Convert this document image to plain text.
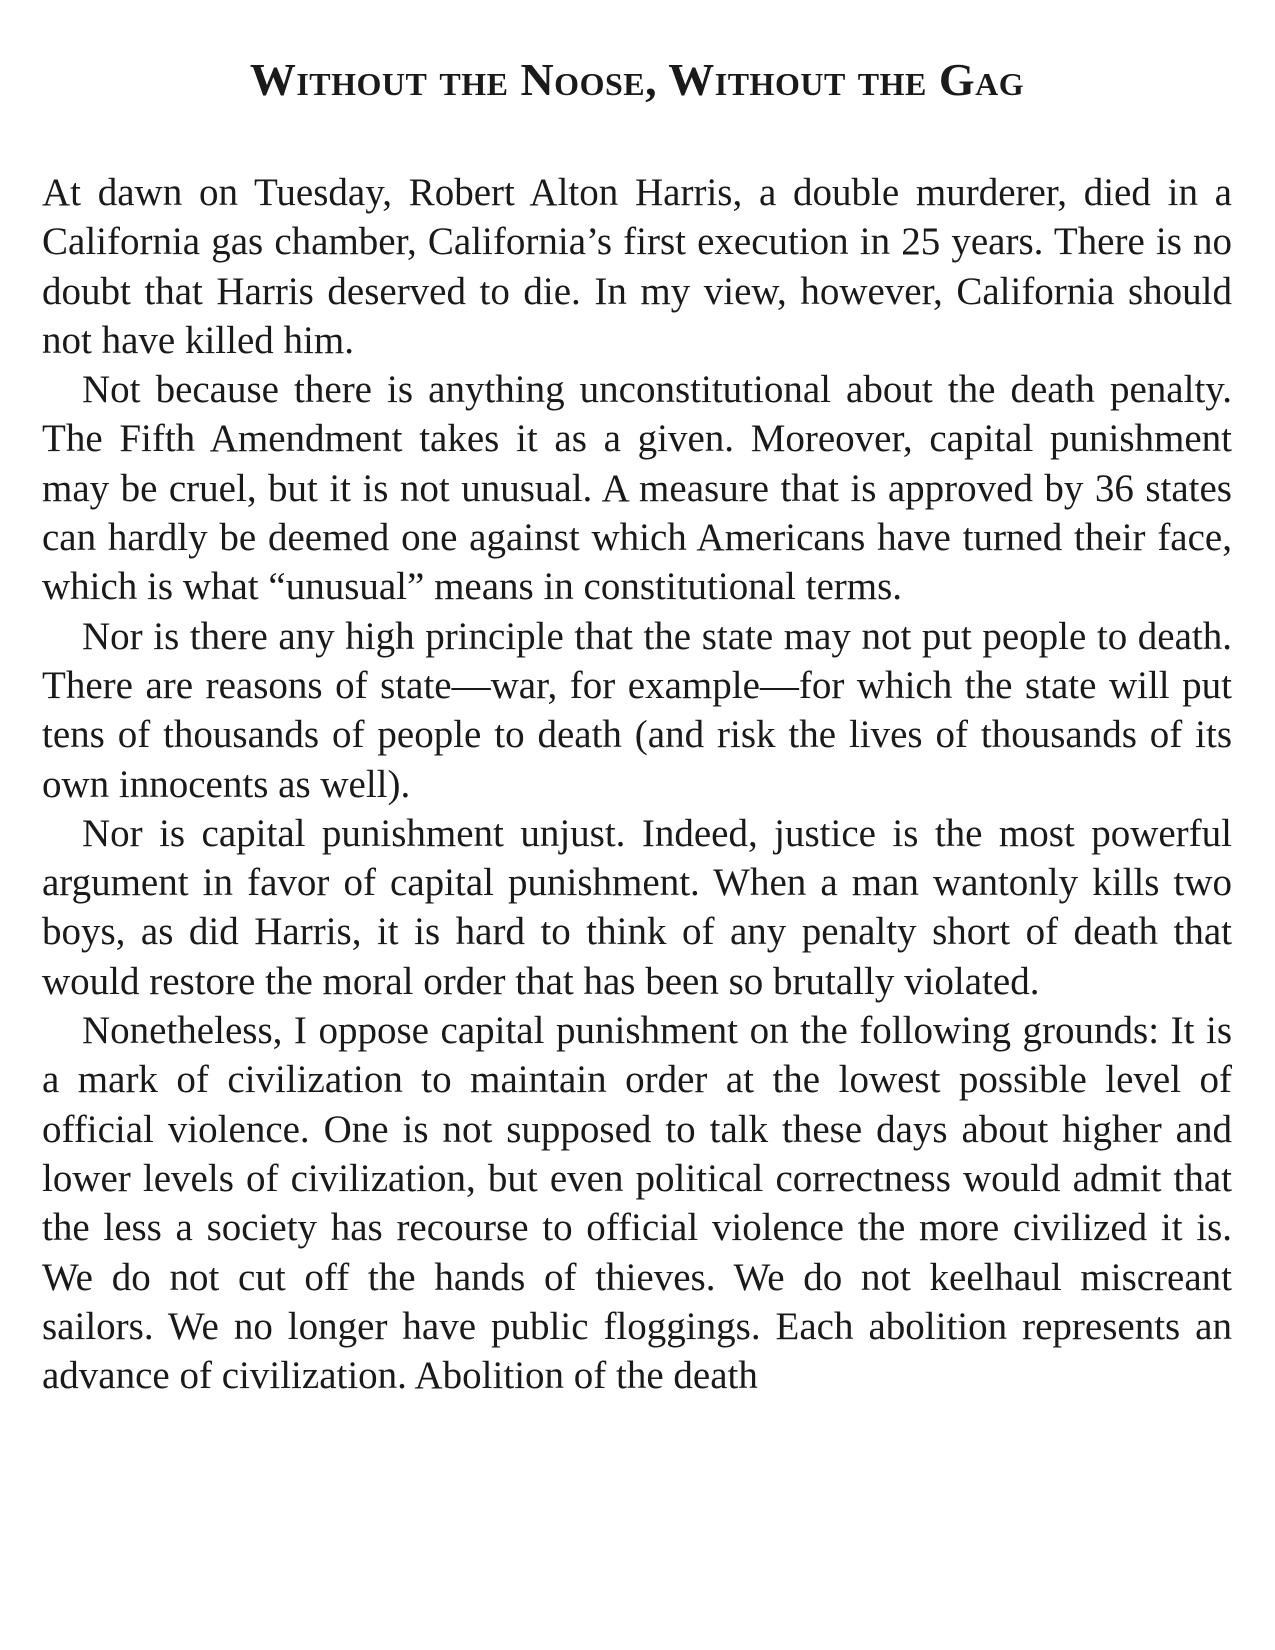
Without the Noose, Without the Gag

At dawn on Tuesday, Robert Alton Harris, a double murderer, died in a California gas chamber, California’s first execution in 25 years. There is no doubt that Harris deserved to die. In my view, however, California should not have killed him.

Not because there is anything unconstitutional about the death penalty. The Fifth Amendment takes it as a given. Moreover, capital punishment may be cruel, but it is not unusual. A measure that is approved by 36 states can hardly be deemed one against which Americans have turned their face, which is what “unusual” means in constitutional terms.

Nor is there any high principle that the state may not put people to death. There are reasons of state—war, for example—for which the state will put tens of thousands of people to death (and risk the lives of thousands of its own innocents as well).

Nor is capital punishment unjust. Indeed, justice is the most powerful argument in favor of capital punishment. When a man wantonly kills two boys, as did Harris, it is hard to think of any penalty short of death that would restore the moral order that has been so brutally violated.

Nonetheless, I oppose capital punishment on the following grounds: It is a mark of civilization to maintain order at the lowest possible level of official violence. One is not supposed to talk these days about higher and lower levels of civilization, but even political correctness would admit that the less a society has recourse to official violence the more civilized it is. We do not cut off the hands of thieves. We do not keelhaul miscreant sailors. We no longer have public floggings. Each abolition represents an advance of civilization. Abolition of the death
